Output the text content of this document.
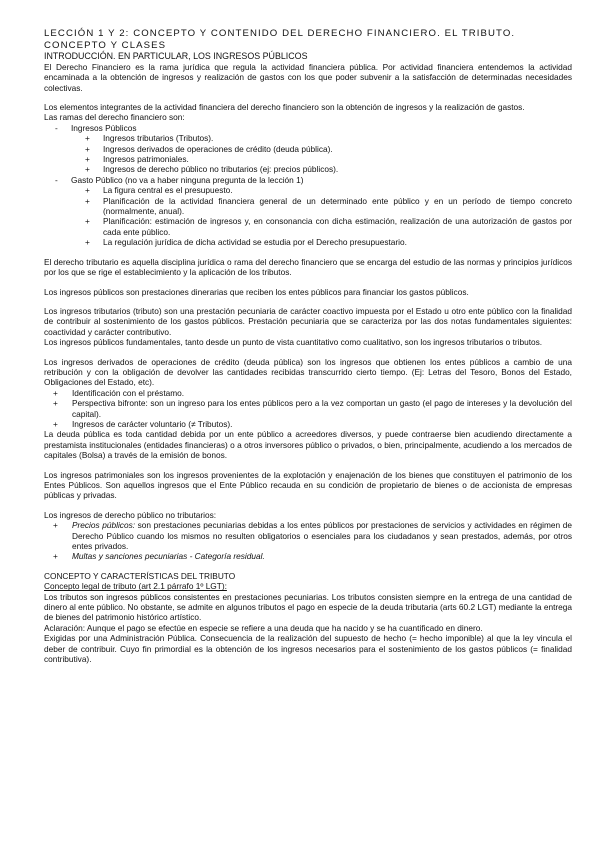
LECCIÓN 1 Y 2: CONCEPTO Y CONTENIDO DEL DERECHO FINANCIERO. EL TRIBUTO. CONCEPTO Y CLASES
INTRODUCCIÓN. EN PARTICULAR, LOS INGRESOS PÚBLICOS

El Derecho Financiero es la rama jurídica que regula la actividad financiera pública. Por actividad financiera entendemos la actividad encaminada a la obtención de ingresos y realización de gastos con los que poder subvenir a la satisfacción de determinadas necesidades colectivas.

Los elementos integrantes de la actividad financiera del derecho financiero son la obtención de ingresos y la realización de gastos.

Las ramas del derecho financiero son:

- Ingresos Públicos
+ Ingresos tributarios (Tributos).
+ Ingresos derivados de operaciones de crédito (deuda pública).
+ Ingresos patrimoniales.
+ Ingresos de derecho público no tributarios (ej: precios públicos).
- Gasto Público (no va a haber ninguna pregunta de la lección 1)
+ La figura central es el presupuesto.
+ Planificación de la actividad financiera general de un determinado ente público y en un período de tiempo concreto (normalmente, anual).
+ Planificación: estimación de ingresos y, en consonancia con dicha estimación, realización de una autorización de gastos por cada ente público.
+ La regulación jurídica de dicha actividad se estudia por el Derecho presupuestario.

El derecho tributario es aquella disciplina jurídica o rama del derecho financiero que se encarga del estudio de las normas y principios jurídicos por los que se rige el establecimiento y la aplicación de los tributos.

Los ingresos públicos son prestaciones dinerarias que reciben los entes públicos para financiar los gastos públicos.

Los ingresos tributarios (tributo) son una prestación pecuniaria de carácter coactivo impuesta por el Estado u otro ente público con la finalidad de contribuir al sostenimiento de los gastos públicos. Prestación pecuniaria que se caracteriza por las dos notas fundamentales siguientes: coactividad y carácter contributivo.

Los ingresos públicos fundamentales, tanto desde un punto de vista cuantitativo como cualitativo, son los ingresos tributarios o tributos.

Los ingresos derivados de operaciones de crédito (deuda pública) son los ingresos que obtienen los entes públicos a cambio de una retribución y con la obligación de devolver las cantidades recibidas transcurrido cierto tiempo. (Ej: Letras del Tesoro, Bonos del Estado, Obligaciones del Estado, etc).

+ Identificación con el préstamo.
+ Perspectiva bifronte: son un ingreso para los entes públicos pero a la vez comportan un gasto (el pago de intereses y la devolución del capital).
+ Ingresos de carácter voluntario (≠ Tributos).

La deuda pública es toda cantidad debida por un ente público a acreedores diversos, y puede contraerse bien acudiendo directamente a prestamista institucionales (entidades financieras) o a otros inversores público o privados, o bien, principalmente, acudiendo a los mercados de capitales (Bolsa) a través de la emisión de bonos.

Los ingresos patrimoniales son los ingresos provenientes de la explotación y enajenación de los bienes que constituyen el patrimonio de los Entes Públicos. Son aquellos ingresos que el Ente Público recauda en su condición de propietario de bienes o de accionista de empresas públicas y privadas.

Los ingresos de derecho público no tributarios:

+ Precios públicos: son prestaciones pecuniarias debidas a los entes públicos por prestaciones de servicios y actividades en régimen de Derecho Público cuando los mismos no resulten obligatorios o esenciales para los ciudadanos y sean prestados, además, por otros entes privados.
+ Multas y sanciones pecuniarias - Categoría residual.
CONCEPTO Y CARACTERÍSTICAS DEL TRIBUTO
Concepto legal de tributo (art 2.1 párrafo 1º LGT):

Los tributos son ingresos públicos consistentes en prestaciones pecuniarias. Los tributos consisten siempre en la entrega de una cantidad de dinero al ente público. No obstante, se admite en algunos tributos el pago en especie de la deuda tributaria (arts 60.2 LGT) mediante la entrega de bienes del patrimonio histórico artístico.

Aclaración: Aunque el pago se efectúe en especie se refiere a una deuda que ha nacido y se ha cuantificado en dinero.

Exigidas por una Administración Pública. Consecuencia de la realización del supuesto de hecho (= hecho imponible) al que la ley vincula el deber de contribuir. Cuyo fin primordial es la obtención de los ingresos necesarios para el sostenimiento de los gastos públicos (= finalidad contributiva).
